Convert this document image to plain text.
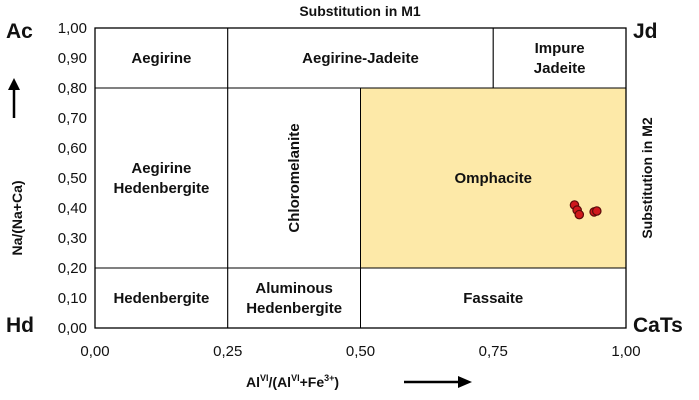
Aegirine	Aegirine-Jadeite
Impure Jadeite
Aegirine Hedenbergite	Chloromelanite	Omphacite
Hedenbergite
Aluminous Hedenbergite
Fassaite
Substitution in M1
Substitution in M2
Ac	Jd
Hd	CaTs
0,00
0,10
0,20
0,30
0,40
0,50
0,60
0,70
0,80
0,90
1,00
0,00	0,25	0,50	0,75	1,00
Na/(Na+Ca)
$Al^{VI}/(Al^{VI}+Fe^{3+})$
